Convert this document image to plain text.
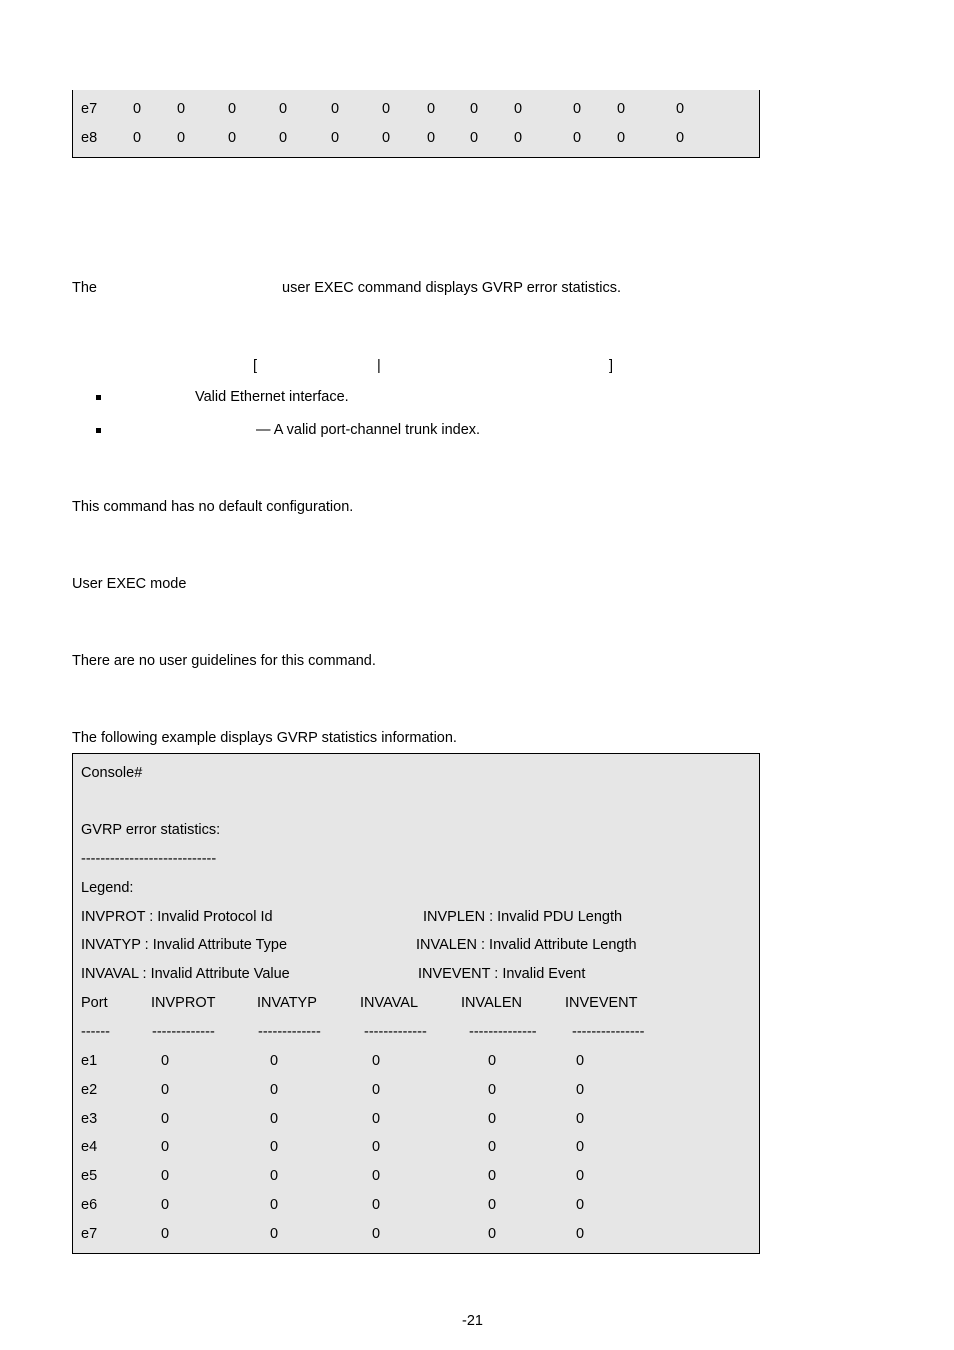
e7 0 0	0	0	0	0	0 0 0	0 0	0
e8 0 0	0	0	0	0	0 0 0	0 0	0
The	user EXEC command displays GVRP error statistics.
[	|	]
Valid Ethernet interface.
— A valid port-channel trunk index.
This command has no default configuration.
User EXEC mode
There are no user guidelines for this command.
The following example displays GVRP statistics information.
Console#
GVRP error statistics:
----------------------------
Legend:
INVPROT : Invalid Protocol Id	INVPLEN : Invalid PDU Length
INVATYP : Invalid Attribute Type	INVALEN : Invalid Attribute Length
INVAVAL : Invalid Attribute Value	INVEVENT : Invalid Event
Port	INVPROT	INVATYP	INVAVAL	INVALEN	INVEVENT
------	-------------	-------------	-------------	-------------- ---------------
e1	0	0	0	0	0
e2	0	0	0	0	0
e3	0	0	0	0	0
e4	0	0	0	0	0
e5	0	0	0	0	0
e6	0	0	0	0	0
e7	0	0	0	0	0
-21
